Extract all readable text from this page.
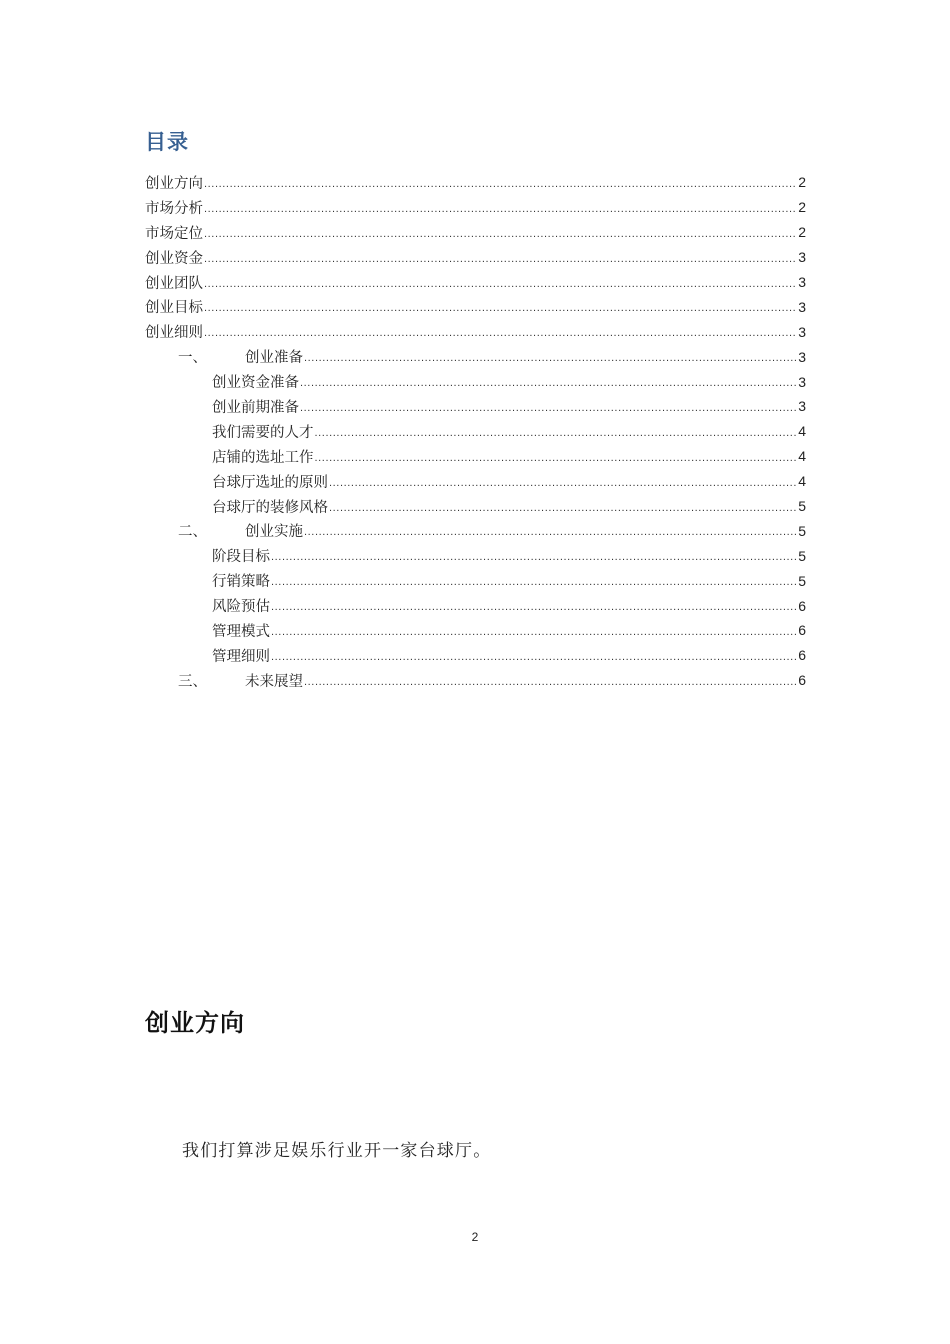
目录
创业方向 .....	2
市场分析 .....	2
市场定位 .....	2
创业资金 .....	3
创业团队 .....	3
创业目标 .....	3
创业细则 .....	3
一、	创业准备 .....	3
创业资金准备 .....	3
创业前期准备 .....	3
我们需要的人才 .....	4
店铺的选址工作 .....	4
台球厅选址的原则 .....	4
台球厅的装修风格 .....	5
二、	创业实施 .....	5
阶段目标 .....	5
行销策略 .....	5
风险预估 .....	6
管理模式 .....	6
管理细则 .....	6
三、	未来展望 .....	6
创业方向
我们打算涉足娱乐行业开一家台球厅。
2
